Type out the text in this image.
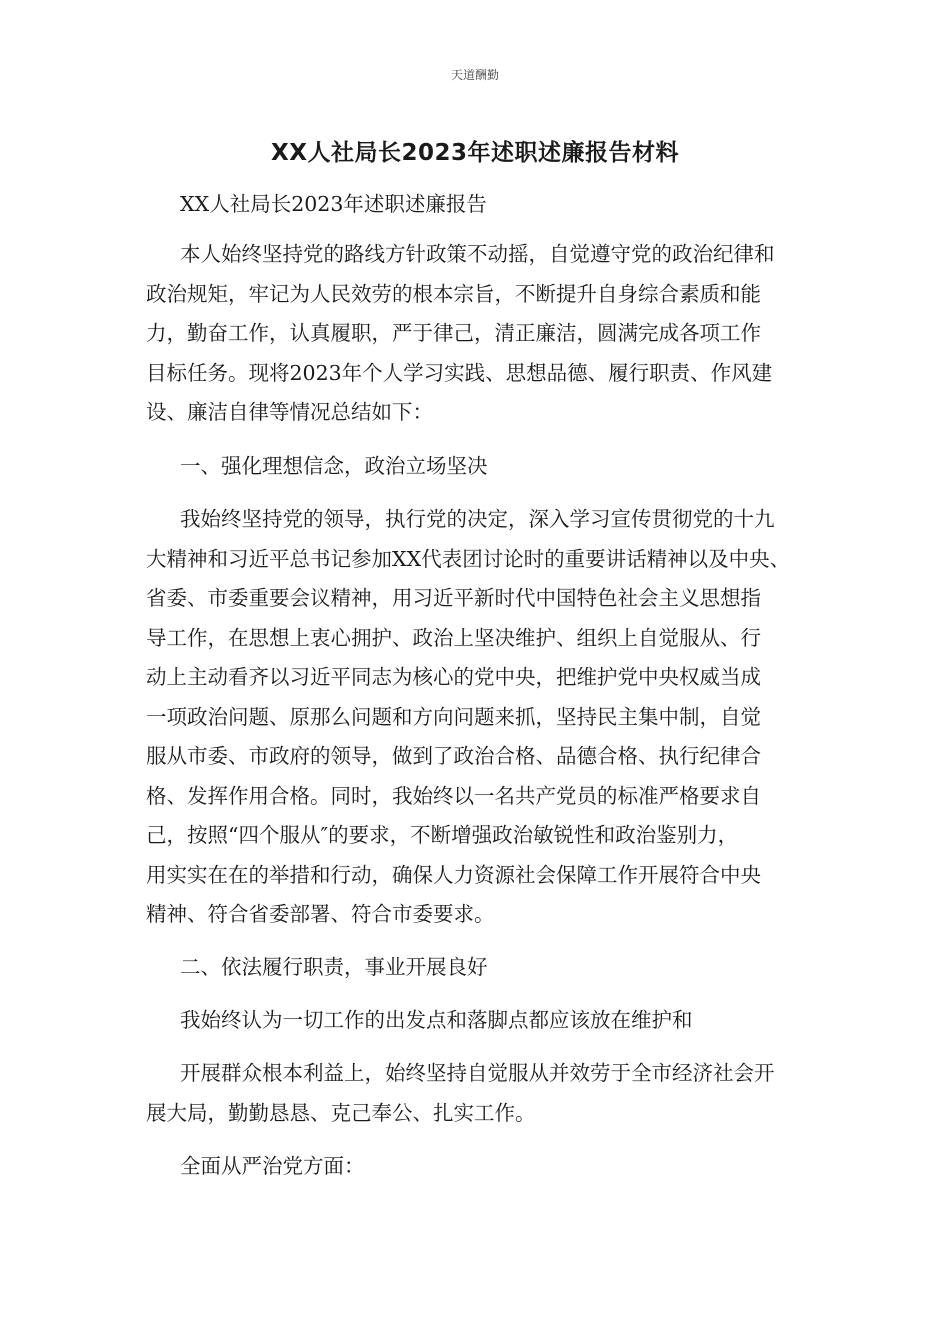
天道酬勤
XX人社局长2023年述职述廉报告材料
XX人社局长2023年述职述廉报告
本人始终坚持党的路线方针政策不动摇，自觉遵守党的政治纪律和
政治规矩，牢记为人民效劳的根本宗旨，不断提升自身综合素质和能
力，勤奋工作，认真履职，严于律己，清正廉洁，圆满完成各项工作
目标任务。现将2023年个人学习实践、思想品德、履行职责、作风建
设、廉洁自律等情况总结如下：
一、强化理想信念，政治立场坚决
我始终坚持党的领导，执行党的决定，深入学习宣传贯彻党的十九
大精神和习近平总书记参加XX代表团讨论时的重要讲话精神以及中央、
省委、市委重要会议精神，用习近平新时代中国特色社会主义思想指
导工作，在思想上衷心拥护、政治上坚决维护、组织上自觉服从、行
动上主动看齐以习近平同志为核心的党中央，把维护党中央权威当成
一项政治问题、原那么问题和方向问题来抓，坚持民主集中制，自觉
服从市委、市政府的领导，做到了政治合格、品德合格、执行纪律合
格、发挥作用合格。同时，我始终以一名共产党员的标准严格要求自
己，按照“四个服从″的要求，不断增强政治敏锐性和政治鉴别力，
用实实在在的举措和行动，确保人力资源社会保障工作开展符合中央
精神、符合省委部署、符合市委要求。
二、依法履行职责，事业开展良好
我始终认为一切工作的出发点和落脚点都应该放在维护和
开展群众根本利益上，始终坚持自觉服从并效劳于全市经济社会开
展大局，勤勤恳恳、克己奉公、扎实工作。
全面从严治党方面：
